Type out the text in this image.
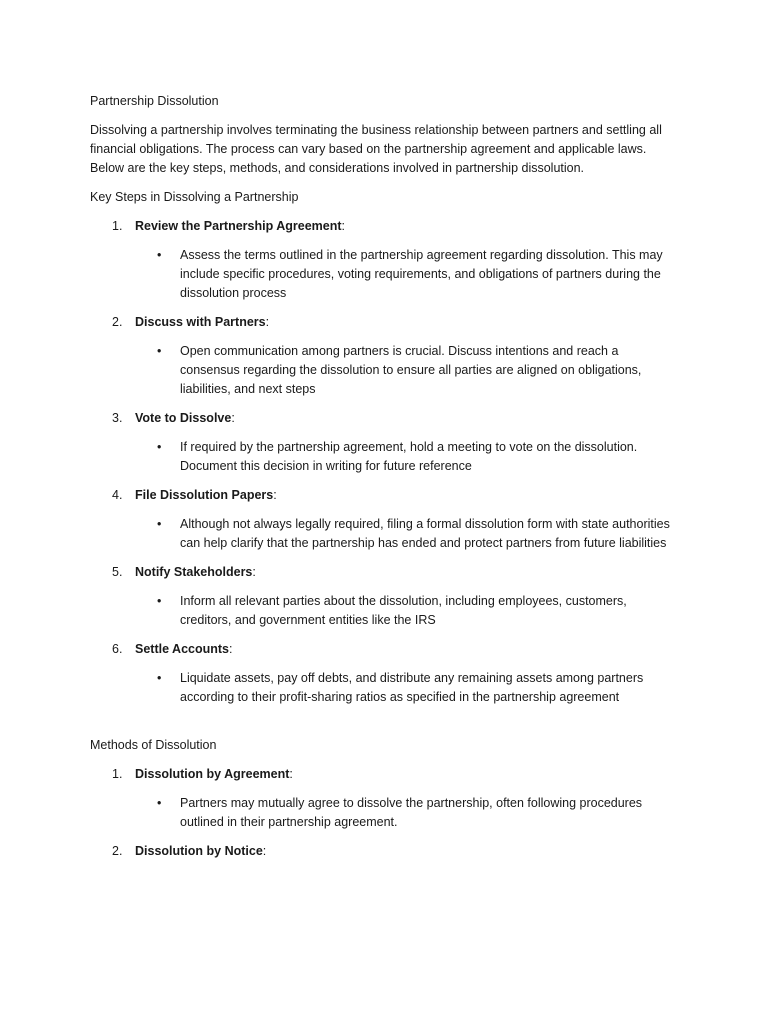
Partnership Dissolution

Dissolving a partnership involves terminating the business relationship between partners and settling all financial obligations. The process can vary based on the partnership agreement and applicable laws. Below are the key steps, methods, and considerations involved in partnership dissolution.

Key Steps in Dissolving a Partnership

1. Review the Partnership Agreement:
• Assess the terms outlined in the partnership agreement regarding dissolution. This may include specific procedures, voting requirements, and obligations of partners during the dissolution process
2. Discuss with Partners:
• Open communication among partners is crucial. Discuss intentions and reach a consensus regarding the dissolution to ensure all parties are aligned on obligations, liabilities, and next steps
3. Vote to Dissolve:
• If required by the partnership agreement, hold a meeting to vote on the dissolution. Document this decision in writing for future reference
4. File Dissolution Papers:
• Although not always legally required, filing a formal dissolution form with state authorities can help clarify that the partnership has ended and protect partners from future liabilities
5. Notify Stakeholders:
• Inform all relevant parties about the dissolution, including employees, customers, creditors, and government entities like the IRS
6. Settle Accounts:
• Liquidate assets, pay off debts, and distribute any remaining assets among partners according to their profit-sharing ratios as specified in the partnership agreement

Methods of Dissolution

1. Dissolution by Agreement:
• Partners may mutually agree to dissolve the partnership, often following procedures outlined in their partnership agreement.
2. Dissolution by Notice:
